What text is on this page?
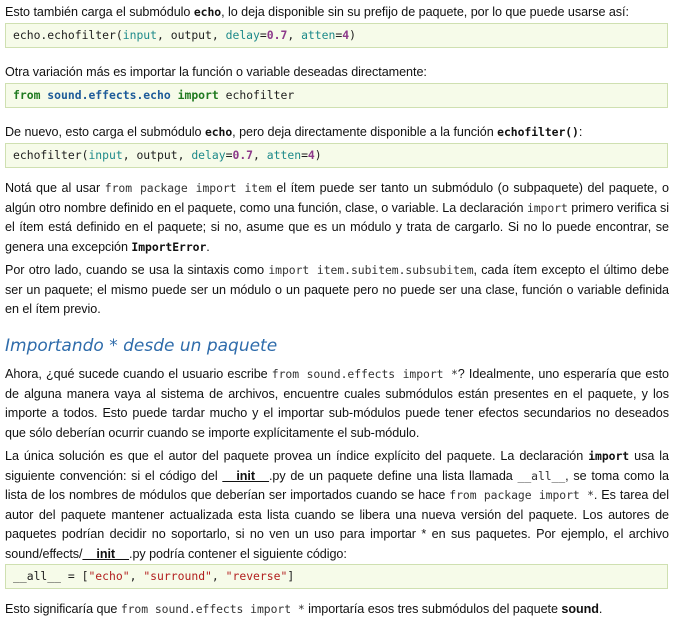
Esto también carga el submódulo echo, lo deja disponible sin su prefijo de paquete, por lo que puede usarse así:

echo.echofilter(input, output, delay=0.7, atten=4)

Otra variación más es importar la función o variable deseadas directamente:

from sound.effects.echo import echofilter

De nuevo, esto carga el submódulo echo, pero deja directamente disponible a la función echofilter():

echofilter(input, output, delay=0.7, atten=4)

Notá que al usar from package import item el ítem puede ser tanto un submódulo (o subpaquete) del paquete, o algún otro nombre definido en el paquete, como una función, clase, o variable. La declaración import primero verifica si el ítem está definido en el paquete; si no, asume que es un módulo y trata de cargarlo. Si no lo puede encontrar, se genera una excepción ImportError.

Por otro lado, cuando se usa la sintaxis como import item.subitem.subsubitem, cada ítem excepto el último debe ser un paquete; el mismo puede ser un módulo o un paquete pero no puede ser una clase, función o variable definida en el ítem previo.

Importando * desde un paquete

Ahora, ¿qué sucede cuando el usuario escribe from sound.effects import *? Idealmente, uno esperaría que esto de alguna manera vaya al sistema de archivos, encuentre cuales submódulos están presentes en el paquete, y los importe a todos. Esto puede tardar mucho y el importar sub-módulos puede tener efectos secundarios no deseados que sólo deberían ocurrir cuando se importe explícitamente el sub-módulo.

La única solución es que el autor del paquete provea un índice explícito del paquete. La declaración import usa la siguiente convención: si el código del __init__.py de un paquete define una lista llamada __all__, se toma como la lista de los nombres de módulos que deberían ser importados cuando se hace from package import *. Es tarea del autor del paquete mantener actualizada esta lista cuando se libera una nueva versión del paquete. Los autores de paquetes podrían decidir no soportarlo, si no ven un uso para importar * en sus paquetes. Por ejemplo, el archivo sound/effects/__init__.py podría contener el siguiente código:

__all__ = ["echo", "surround", "reverse"]

Esto significaría que from sound.effects import * importaría esos tres submódulos del paquete sound.
